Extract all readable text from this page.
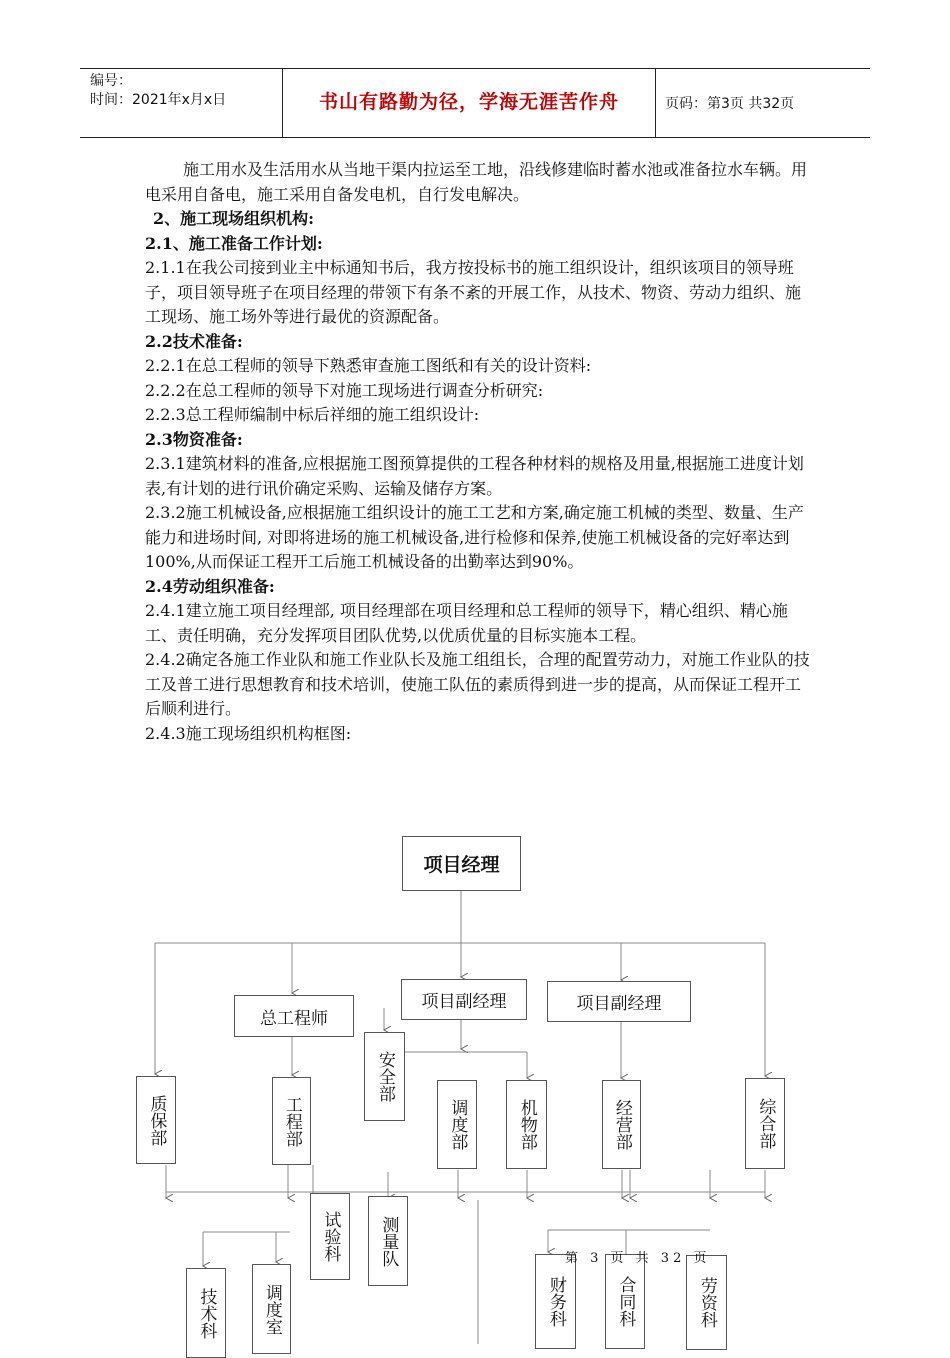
编号：
时间：2021年x月x日	书山有路勤为径，学海无涯苦作舟	页码：第3页 共32页

施工用水及生活用水从当地干渠内拉运至工地，沿线修建临时蓄水池或准备拉水车辆。用电采用自备电，施工采用自备发电机，自行发电解决。

2、施工现场组织机构:

2.1、施工准备工作计划:

2.1.1在我公司接到业主中标通知书后，我方按投标书的施工组织设计，组织该项目的领导班子，项目领导班子在项目经理的带领下有条不紊的开展工作，从技术、物资、劳动力组织、施工现场、施工场外等进行最优的资源配备。

2.2技术准备:

2.2.1在总工程师的领导下熟悉审查施工图纸和有关的设计资料:

2.2.2在总工程师的领导下对施工现场进行调查分析研究:

2.2.3总工程师编制中标后祥细的施工组织设计:

2.3物资准备:

2.3.1建筑材料的准备,应根据施工图预算提供的工程各种材料的规格及用量,根据施工进度计划表,有计划的进行讯价确定采购、运输及储存方案。

2.3.2施工机械设备,应根据施工组织设计的施工工艺和方案,确定施工机械的类型、数量、生产能力和进场时间, 对即将进场的施工机械设备,进行检修和保养,使施工机械设备的完好率达到100%,从而保证工程开工后施工机械设备的出勤率达到90%。

2.4劳动组织准备:

2.4.1建立施工项目经理部, 项目经理部在项目经理和总工程师的领导下，精心组织、精心施工、责任明确，充分发挥项目团队优势,以优质优量的目标实施本工程。

2.4.2确定各施工作业队和施工作业队长及施工组组长，合理的配置劳动力，对施工作业队的技工及普工进行思想教育和技术培训，使施工队伍的素质得到进一步的提高，从而保证工程开工后顺利进行。

2.4.3施工现场组织机构框图:

项目经理
总工程师
项目副经理	项目副经理
安全部
质保部	工程部	调度部	机物部	经营部	综合部
试验科	测量队
技术科	调度室	财务科	合同科	劳资科
第 3 页 共 32 页
